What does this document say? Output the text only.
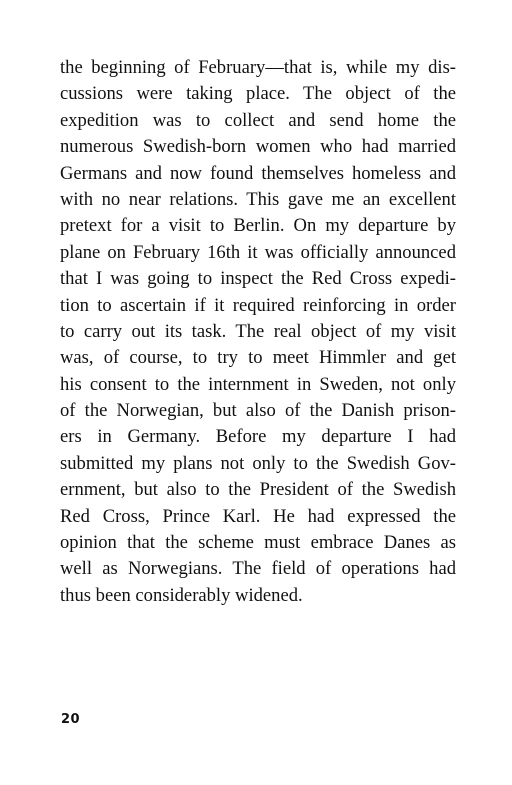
the beginning of February—that is, while my dis-
cussions were taking place. The object of the
expedition was to collect and send home the
numerous Swedish-born women who had married
Germans and now found themselves homeless and
with no near relations. This gave me an excellent
pretext for a visit to Berlin. On my departure by
plane on February 16th it was officially announced
that I was going to inspect the Red Cross expedi-
tion to ascertain if it required reinforcing in order
to carry out its task. The real object of my visit
was, of course, to try to meet Himmler and get
his consent to the internment in Sweden, not only
of the Norwegian, but also of the Danish prison-
ers in Germany. Before my departure I had
submitted my plans not only to the Swedish Gov-
ernment, but also to the President of the Swedish
Red Cross, Prince Karl. He had expressed the
opinion that the scheme must embrace Danes as
well as Norwegians. The field of operations had
thus been considerably widened.
20
